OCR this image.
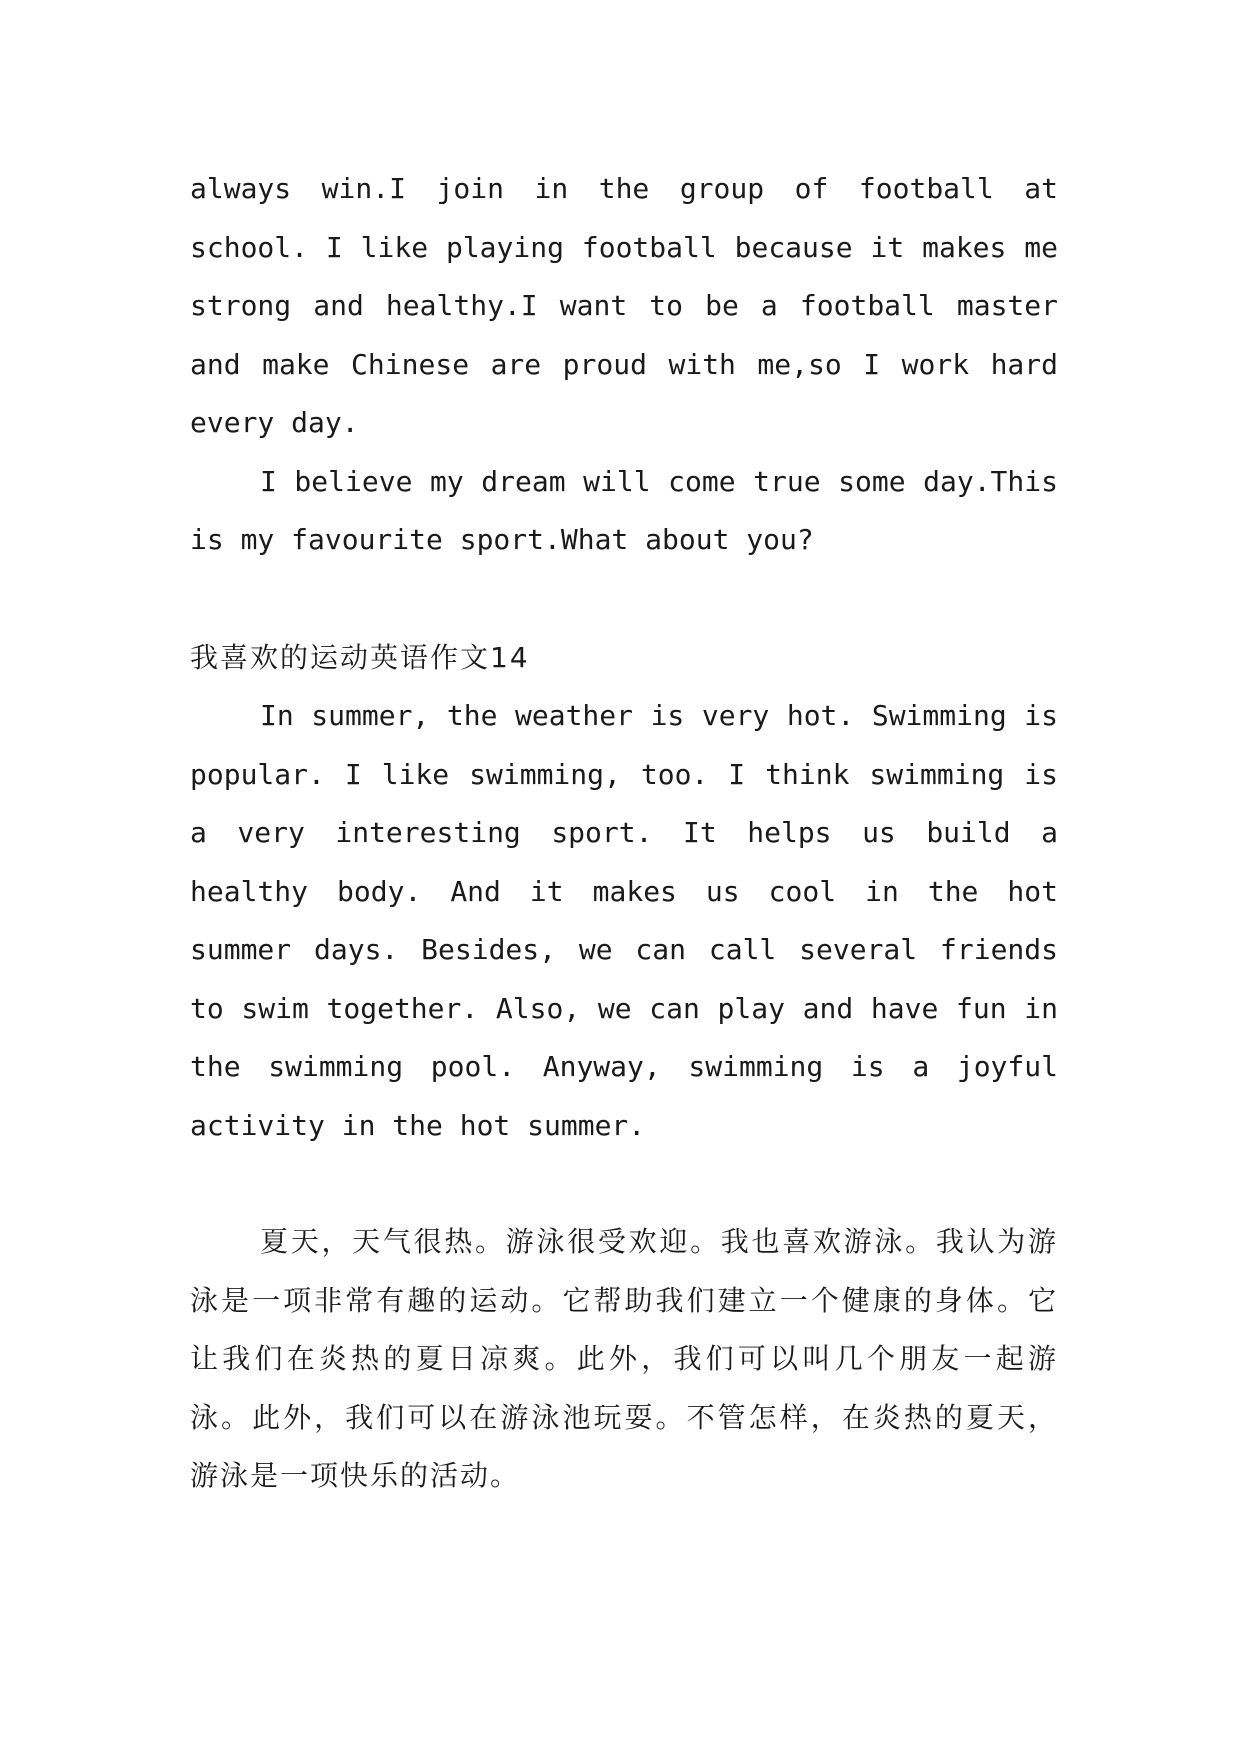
always win.I join in the group of football at school. I like playing football because it makes me strong and healthy.I want to be a football master and make Chinese are proud with me,so I work hard every day.

I believe my dream will come true some day.This is my favourite sport.What about you?

我喜欢的运动英语作文14

In summer, the weather is very hot. Swimming is popular. I like swimming, too. I think swimming is a very interesting sport. It helps us build a healthy body. And it makes us cool in the hot summer days. Besides, we can call several friends to swim together. Also, we can play and have fun in the swimming pool. Anyway, swimming is a joyful activity in the hot summer.

夏天，天气很热。游泳很受欢迎。我也喜欢游泳。我认为游泳是一项非常有趣的运动。它帮助我们建立一个健康的身体。它让我们在炎热的夏日凉爽。此外，我们可以叫几个朋友一起游泳。此外，我们可以在游泳池玩耍。不管怎样，在炎热的夏天，游泳是一项快乐的活动。
